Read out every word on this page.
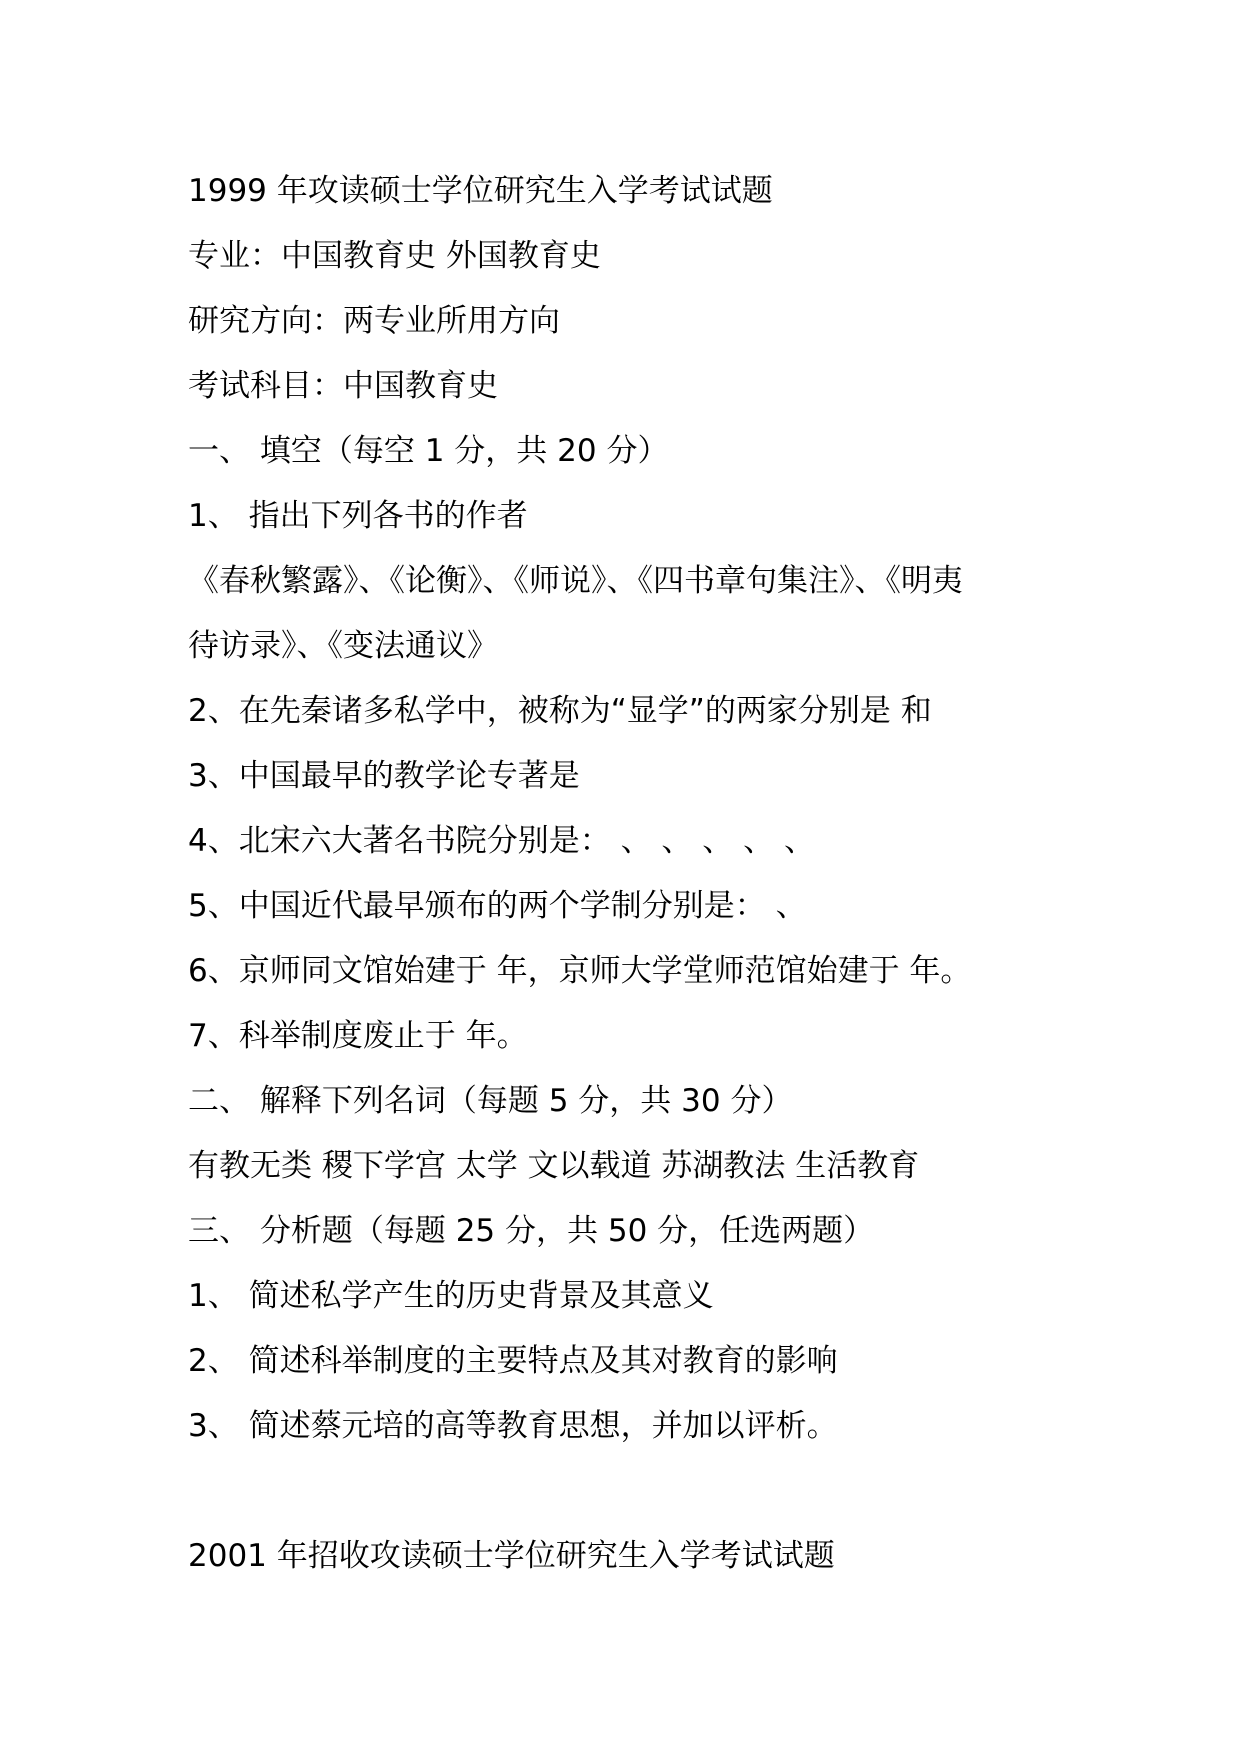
1999 年攻读硕士学位研究生入学考试试题
专业：中国教育史 外国教育史
研究方向：两专业所用方向
考试科目：中国教育史
一、 填空（每空 1 分，共 20 分）
1、 指出下列各书的作者
《春秋繁露》、《论衡》、《师说》、《四书章句集注》、《明夷
待访录》、《变法通议》
2、在先秦诸多私学中，被称为“显学”的两家分别是 和
3、中国最早的教学论专著是
4、北宋六大著名书院分别是： 、 、 、 、 、
5、中国近代最早颁布的两个学制分别是： 、
6、京师同文馆始建于 年，京师大学堂师范馆始建于 年。
7、科举制度废止于 年。
二、 解释下列名词（每题 5 分，共 30 分）
有教无类 稷下学宫 太学 文以载道 苏湖教法 生活教育
三、 分析题（每题 25 分，共 50 分，任选两题）
1、 简述私学产生的历史背景及其意义
2、 简述科举制度的主要特点及其对教育的影响
3、 简述蔡元培的高等教育思想，并加以评析。
2001 年招收攻读硕士学位研究生入学考试试题
